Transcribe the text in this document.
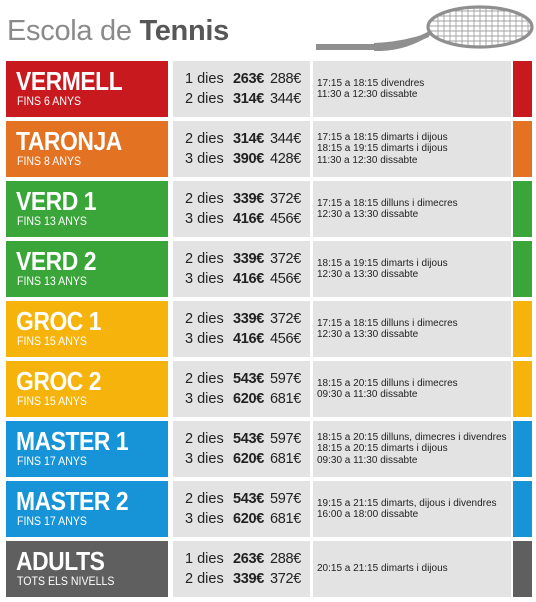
Escola de Tennis
VERMELL
FINS 6 ANYS
1 dies 263€ 288€
2 dies 314€ 344€
17:15 a 18:15 divendres
11:30 a 12:30 dissabte
TARONJA
FINS 8 ANYS
2 dies 314€ 344€
3 dies 390€ 428€
17:15 a 18:15 dimarts i dijous
18:15 a 19:15 dimarts i dijous
11:30 a 12:30 dissabte
VERD 1
FINS 13 ANYS
2 dies 339€ 372€
3 dies 416€ 456€
17:15 a 18:15 dilluns i dimecres
12:30 a 13:30 dissabte
VERD 2
FINS 13 ANYS
2 dies 339€ 372€
3 dies 416€ 456€
18:15 a 19:15 dimarts i dijous
12:30 a 13:30 dissabte
GROC 1
FINS 15 ANYS
2 dies 339€ 372€
3 dies 416€ 456€
17:15 a 18:15 dilluns i dimecres
12:30 a 13:30 dissabte
GROC 2
FINS 15 ANYS
2 dies 543€ 597€
3 dies 620€ 681€
18:15 a 20:15 dilluns i dimecres
09:30 a 11:30 dissabte
MASTER 1
FINS 17 ANYS
2 dies 543€ 597€
3 dies 620€ 681€
18:15 a 20:15 dilluns, dimecres i divendres
18:15 a 20:15 dimarts i dijous
09:30 a 11:30 dissabte
MASTER 2
FINS 17 ANYS
2 dies 543€ 597€
3 dies 620€ 681€
19:15 a 21:15 dimarts, dijous i divendres
16:00 a 18:00 dissabte
ADULTS
TOTS ELS NIVELLS
1 dies 263€ 288€
2 dies 339€ 372€
20:15 a 21:15 dimarts i dijous
